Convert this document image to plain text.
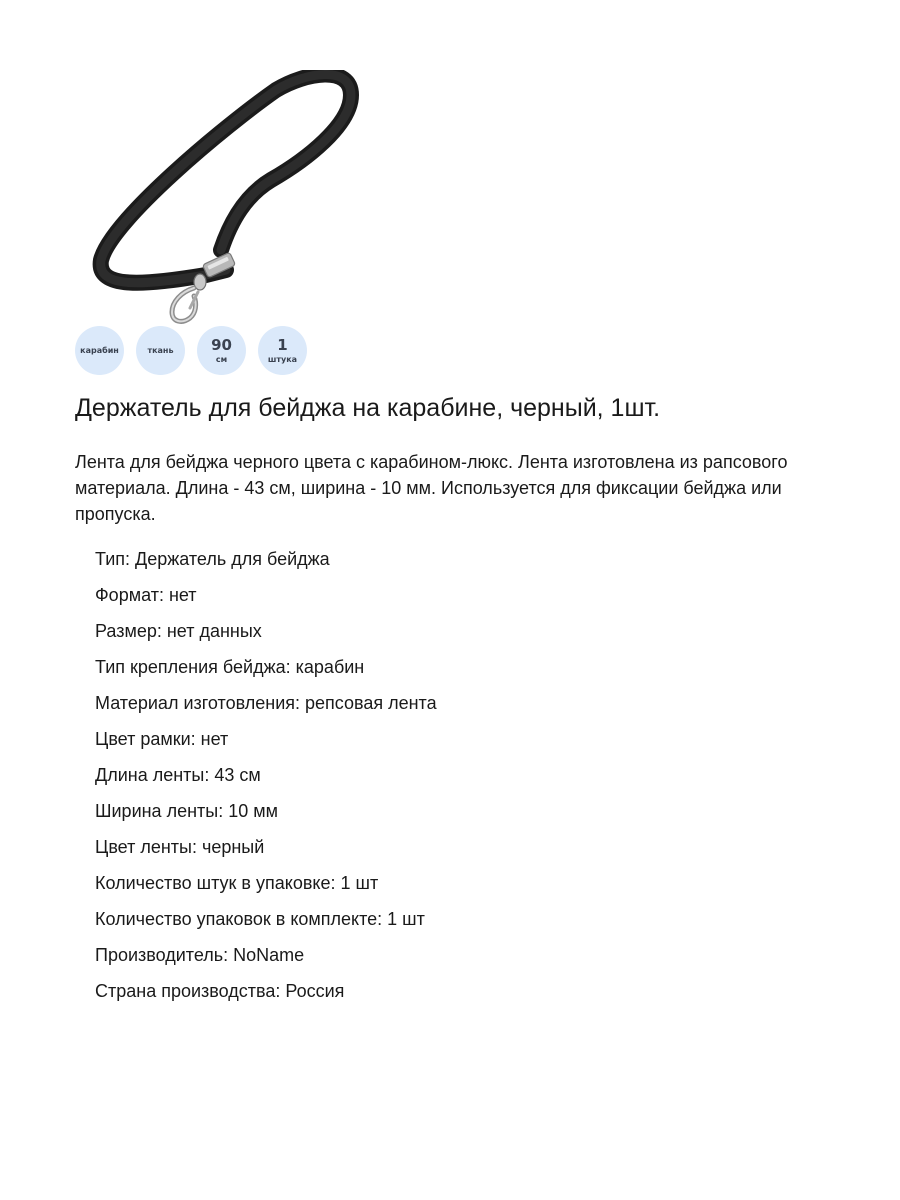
карабин	ткань	90
см
1
штука
Держатель для бейджа на карабине, черный, 1шт.

Лента для бейджа черного цвета с карабином-люкс. Лента изготовлена из рапсового материала. Длина - 43 см, ширина - 10 мм. Используется для фиксации бейджа или пропуска.

Тип: Держатель для бейджа
Формат: нет
Размер: нет данных
Тип крепления бейджа: карабин
Материал изготовления: репсовая лента
Цвет рамки: нет
Длина ленты: 43 см
Ширина ленты: 10 мм
Цвет ленты: черный
Количество штук в упаковке: 1 шт
Количество упаковок в комплекте: 1 шт
Производитель: NoName
Страна производства: Россия
